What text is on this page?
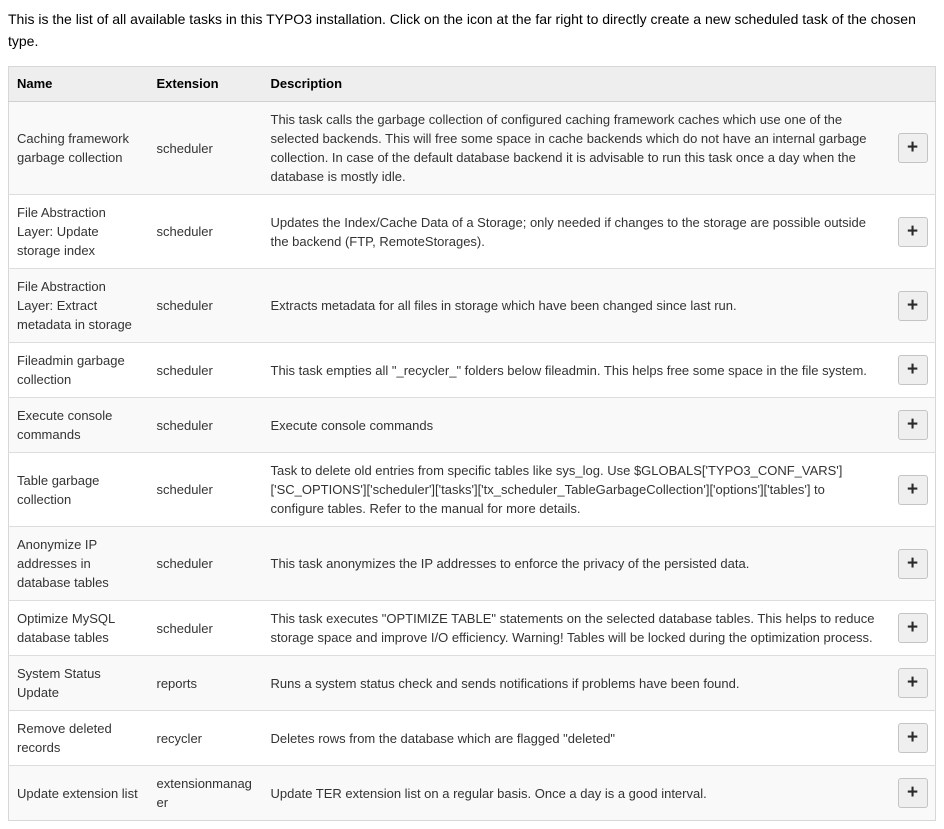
This is the list of all available tasks in this TYPO3 installation. Click on the icon at the far right to directly create a new scheduled task of the chosen type.

Name	Extension	Description	
Caching framework garbage collection	scheduler	This task calls the garbage collection of configured caching framework caches which use one of the selected backends. This will free some space in cache backends which do not have an internal garbage collection. In case of the default database backend it is advisable to run this task once a day when the database is mostly idle.	+

File Abstraction Layer: Update storage index	scheduler	Updates the Index/Cache Data of a Storage; only needed if changes to the storage are possible outside the backend (FTP, RemoteStorages).	+

File Abstraction Layer: Extract metadata in storage	scheduler	Extracts metadata for all files in storage which have been changed since last run.	+

Fileadmin garbage collection	scheduler	This task empties all "_recycler_" folders below fileadmin. This helps free some space in the file system.	+

Execute console commands	scheduler	Execute console commands	+

Table garbage collection	scheduler	Task to delete old entries from specific tables like sys_log. Use $GLOBALS['TYPO3_CONF_VARS']['SC_OPTIONS']['scheduler']['tasks']['tx_scheduler_TableGarbageCollection']['options']['tables'] to configure tables. Refer to the manual for more details.	+

Anonymize IP addresses in database tables	scheduler	This task anonymizes the IP addresses to enforce the privacy of the persisted data.	+

Optimize MySQL database tables	scheduler	This task executes "OPTIMIZE TABLE" statements on the selected database tables. This helps to reduce storage space and improve I/O efficiency. Warning! Tables will be locked during the optimization process.	+

System Status Update	reports	Runs a system status check and sends notifications if problems have been found.	+

Remove deleted records	recycler	Deletes rows from the database which are flagged "deleted"	+

Update extension list	extensionmanager	Update TER extension list on a regular basis. Once a day is a good interval.	+
